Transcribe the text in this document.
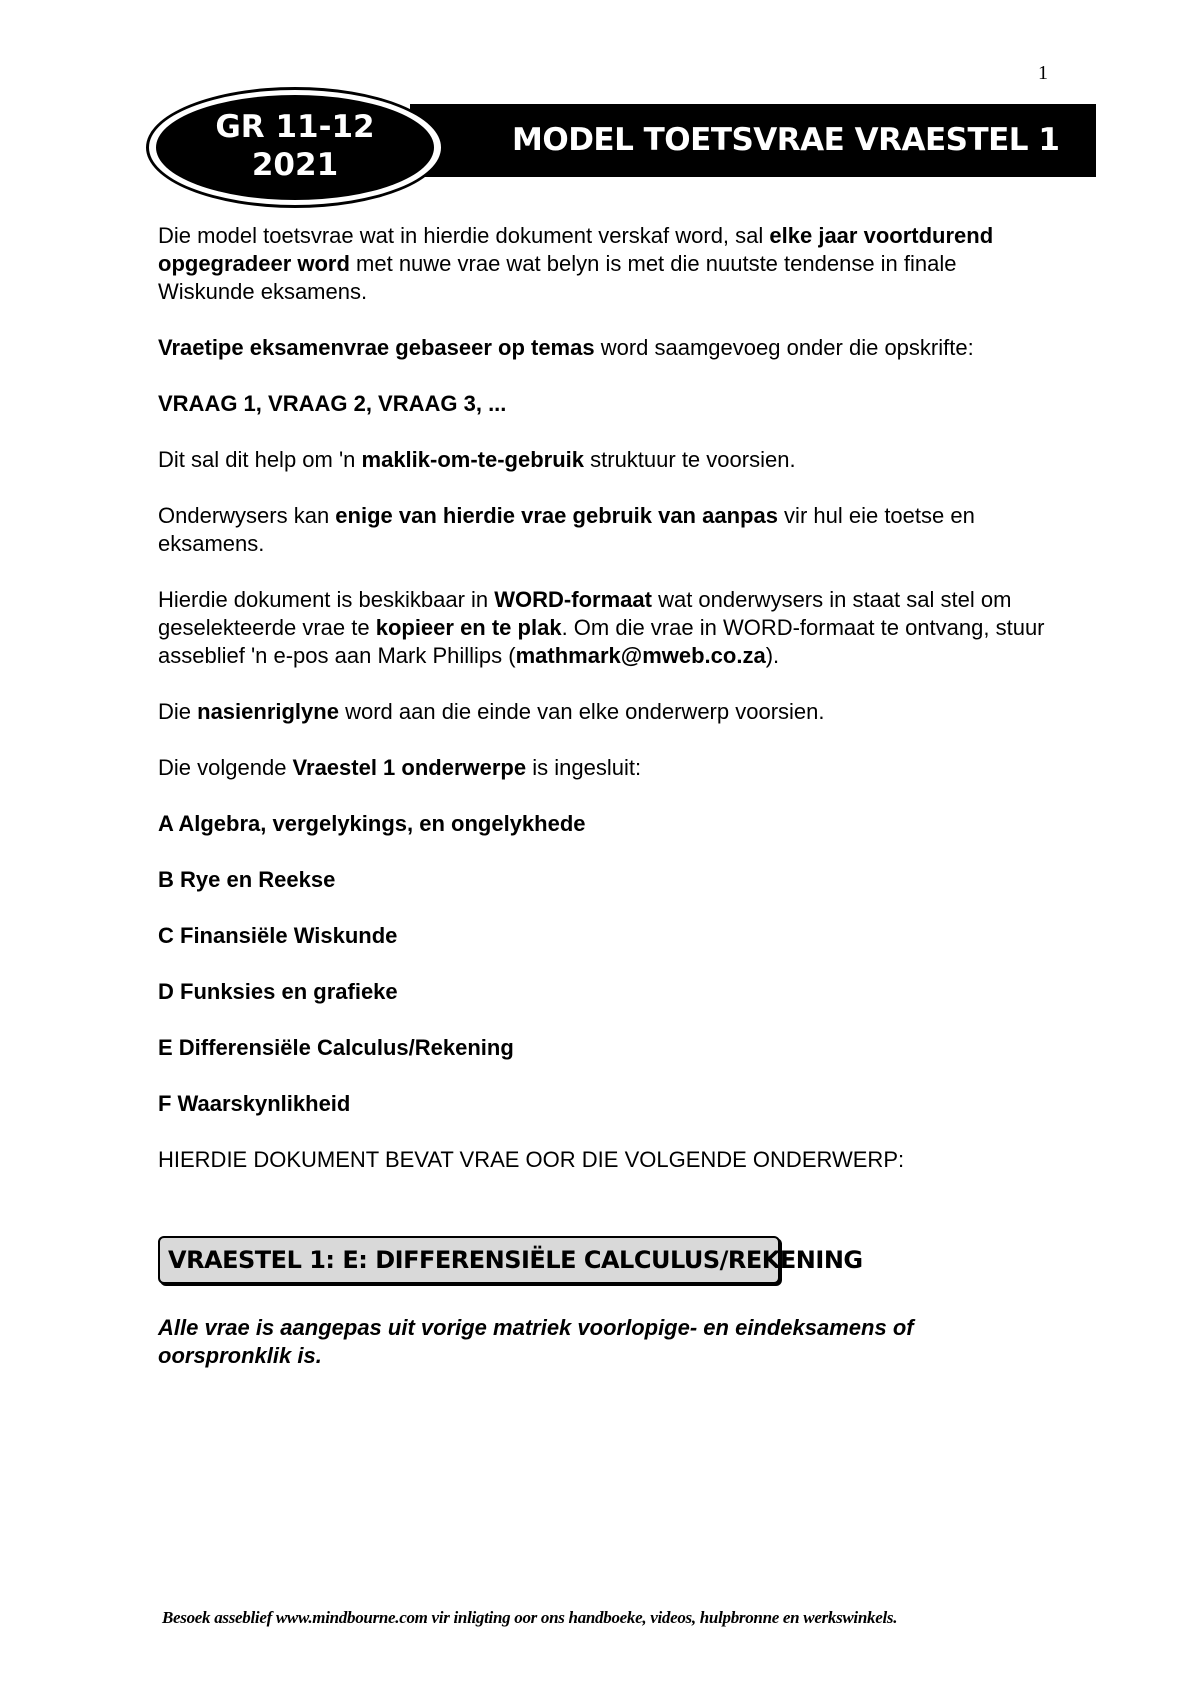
1
MODEL TOETSVRAE VRAESTEL 1
GR 11-12
2021

Die model toetsvrae wat in hierdie dokument verskaf word, sal elke jaar voortdurend opgegradeer word met nuwe vrae wat belyn is met die nuutste tendense in finale Wiskunde eksamens.

Vraetipe eksamenvrae gebaseer op temas word saamgevoeg onder die opskrifte:

VRAAG 1, VRAAG 2, VRAAG 3, ...

Dit sal dit help om 'n maklik-om-te-gebruik struktuur te voorsien.

Onderwysers kan enige van hierdie vrae gebruik van aanpas vir hul eie toetse en eksamens.

Hierdie dokument is beskikbaar in WORD-formaat wat onderwysers in staat sal stel om geselekteerde vrae te kopieer en te plak. Om die vrae in WORD-formaat te ontvang, stuur asseblief 'n e-pos aan Mark Phillips (mathmark@mweb.co.za).

Die nasienriglyne word aan die einde van elke onderwerp voorsien.

Die volgende Vraestel 1 onderwerpe is ingesluit:

A Algebra, vergelykings, en ongelykhede

B Rye en Reekse

C Finansiële Wiskunde

D Funksies en grafieke

E Differensiële Calculus/Rekening

F Waarskynlikheid

HIERDIE DOKUMENT BEVAT VRAE OOR DIE VOLGENDE ONDERWERP:

VRAESTEL 1: E: DIFFERENSIËLE CALCULUS/REKENING
Alle vrae is aangepas uit vorige matriek voorlopige- en eindeksamens of oorspronklik is.
Besoek asseblief www.mindbourne.com vir inligting oor ons handboeke, videos, hulpbronne en werkswinkels.
